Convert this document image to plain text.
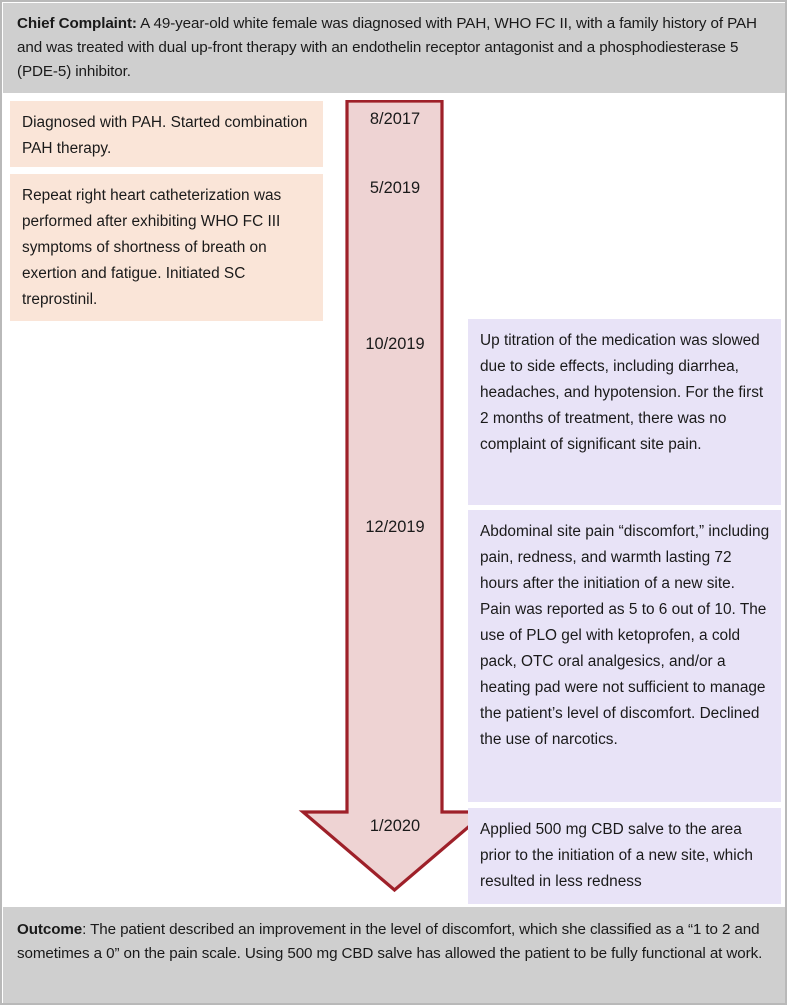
Chief Complaint: A 49-year-old white female was diagnosed with PAH, WHO FC II, with a family history of PAH and was treated with dual up-front therapy with an endothelin receptor antagonist and a phosphodiesterase 5 (PDE-5) inhibitor.
8/2017
5/2019
10/2019
12/2019
1/2020
Diagnosed with PAH. Started combination PAH therapy.
Repeat right heart catheterization was performed after exhibiting WHO FC III symptoms of shortness of breath on exertion and fatigue. Initiated SC treprostinil.
Up titration of the medication was slowed due to side effects, including diarrhea, headaches, and hypotension. For the first 2 months of treatment, there was no complaint of significant site pain.
Abdominal site pain “discomfort,” including pain, redness, and warmth lasting 72 hours after the initiation of a new site. Pain was reported as 5 to 6 out of 10. The use of PLO gel with ketoprofen, a cold pack, OTC oral analgesics, and/or a heating pad were not sufficient to manage the patient’s level of discomfort. Declined the use of narcotics.
Applied 500 mg CBD salve to the area prior to the initiation of a new site, which resulted in less redness
Outcome: The patient described an improvement in the level of discomfort, which she classified as a “1 to 2 and sometimes a 0” on the pain scale. Using 500 mg CBD salve has allowed the patient to be fully functional at work.
